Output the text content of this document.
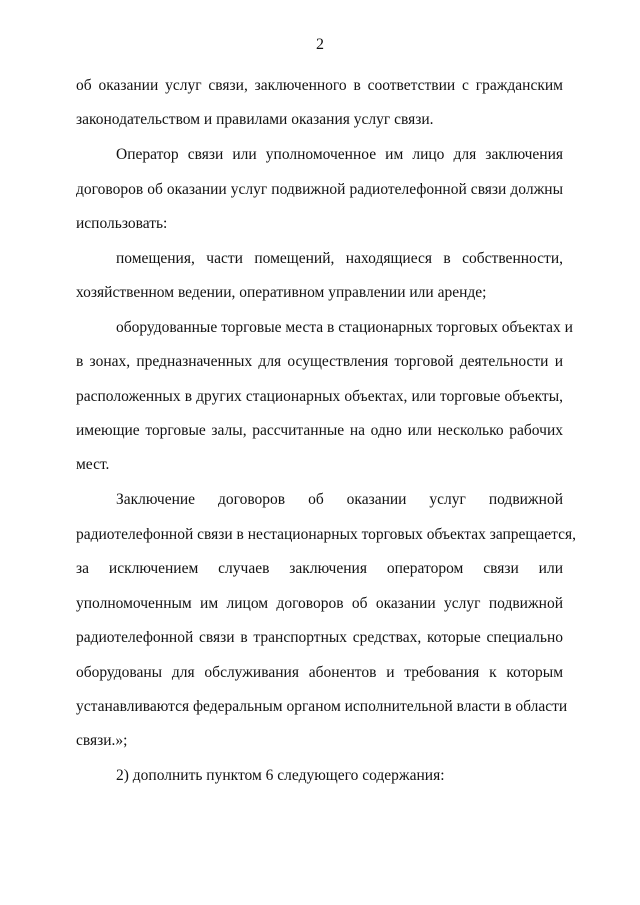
2
об оказании услуг связи, заключенного в соответствии с гражданским
законодательством и правилами оказания услуг связи.
Оператор связи или уполномоченное им лицо для заключения
договоров об оказании услуг подвижной радиотелефонной связи должны
использовать:
помещения, части помещений, находящиеся в собственности,
хозяйственном ведении, оперативном управлении или аренде;
оборудованные торговые места в стационарных торговых объектах и
в зонах, предназначенных для осуществления торговой деятельности и
расположенных в других стационарных объектах, или торговые объекты,
имеющие торговые залы, рассчитанные на одно или несколько рабочих
мест.
Заключение договоров об оказании услуг подвижной
радиотелефонной связи в нестационарных торговых объектах запрещается,
за исключением случаев заключения оператором связи или
уполномоченным им лицом договоров об оказании услуг подвижной
радиотелефонной связи в транспортных средствах, которые специально
оборудованы для обслуживания абонентов и требования к которым
устанавливаются федеральным органом исполнительной власти в области
связи.»;
2) дополнить пунктом 6 следующего содержания:
